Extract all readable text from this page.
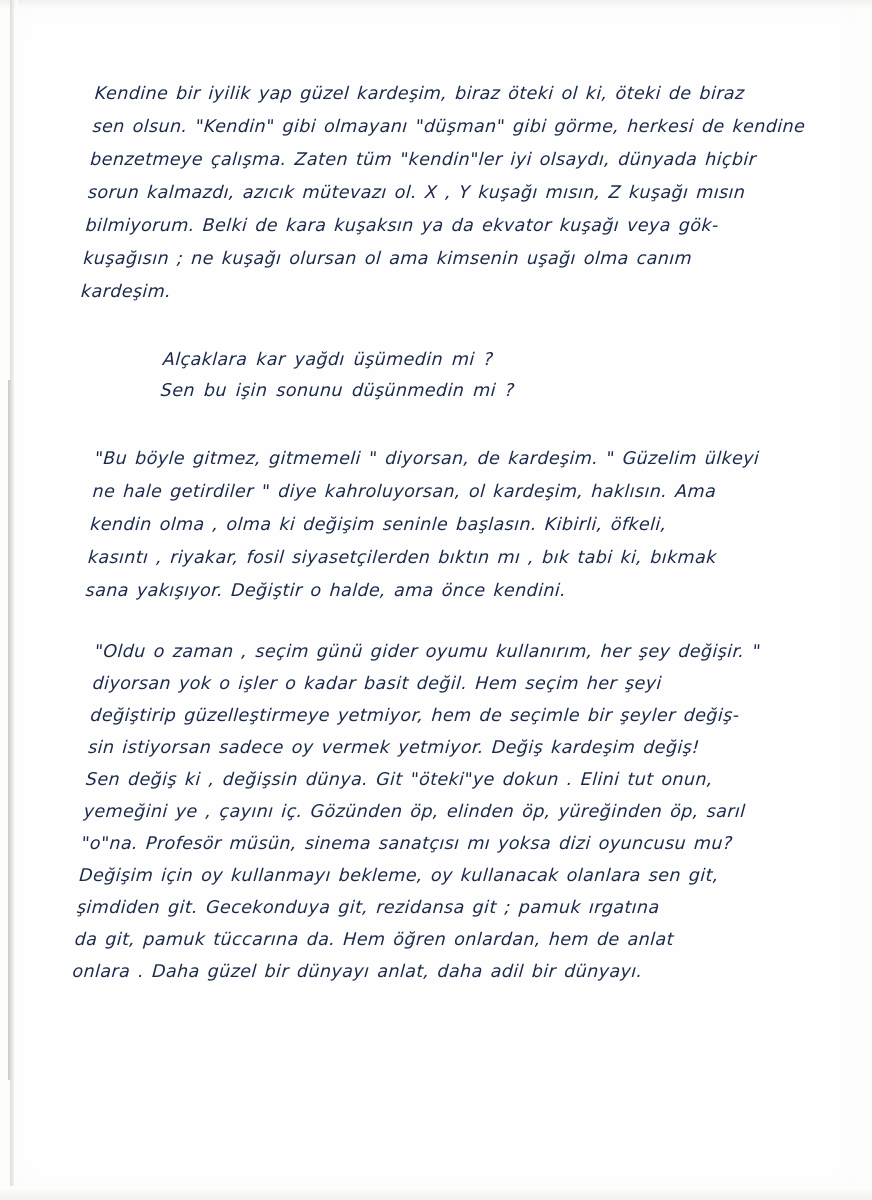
Kendine bir iyilik yap güzel kardeşim, biraz öteki ol ki, öteki de biraz
sen olsun. "Kendin" gibi olmayanı "düşman" gibi görme, herkesi de kendine
benzetmeye çalışma. Zaten tüm "kendin"ler iyi olsaydı, dünyada hiçbir
sorun kalmazdı, azıcık mütevazı ol. X , Y kuşağı mısın, Z kuşağı mısın
bilmiyorum. Belki de kara kuşaksın ya da ekvator kuşağı veya gök-
kuşağısın ; ne kuşağı olursan ol ama kimsenin uşağı olma canım
kardeşim.

Alçaklara kar yağdı üşümedin mi ?
Sen bu işin sonunu düşünmedin mi ?

"Bu böyle gitmez, gitmemeli " diyorsan, de kardeşim. " Güzelim ülkeyi
ne hale getirdiler " diye kahroluyorsan, ol kardeşim, haklısın. Ama
kendin olma , olma ki değişim seninle başlasın. Kibirli, öfkeli,
kasıntı , riyakar, fosil siyasetçilerden bıktın mı , bık tabi ki, bıkmak
sana yakışıyor. Değiştir o halde, ama önce kendini.

"Oldu o zaman , seçim günü gider oyumu kullanırım, her şey değişir. "
diyorsan yok o işler o kadar basit değil. Hem seçim her şeyi
değiştirip güzelleştirmeye yetmiyor, hem de seçimle bir şeyler değiş-
sin istiyorsan sadece oy vermek yetmiyor. Değiş kardeşim değiş!
Sen değiş ki , değişsin dünya. Git "öteki"ye dokun . Elini tut onun,
yemeğini ye , çayını iç. Gözünden öp, elinden öp, yüreğinden öp, sarıl
"o"na. Profesör müsün, sinema sanatçısı mı yoksa dizi oyuncusu mu?
Değişim için oy kullanmayı bekleme, oy kullanacak olanlara sen git,
şimdiden git. Gecekonduya git, rezidansa git ; pamuk ırgatına
da git, pamuk tüccarına da. Hem öğren onlardan, hem de anlat
onlara . Daha güzel bir dünyayı anlat, daha adil bir dünyayı.
